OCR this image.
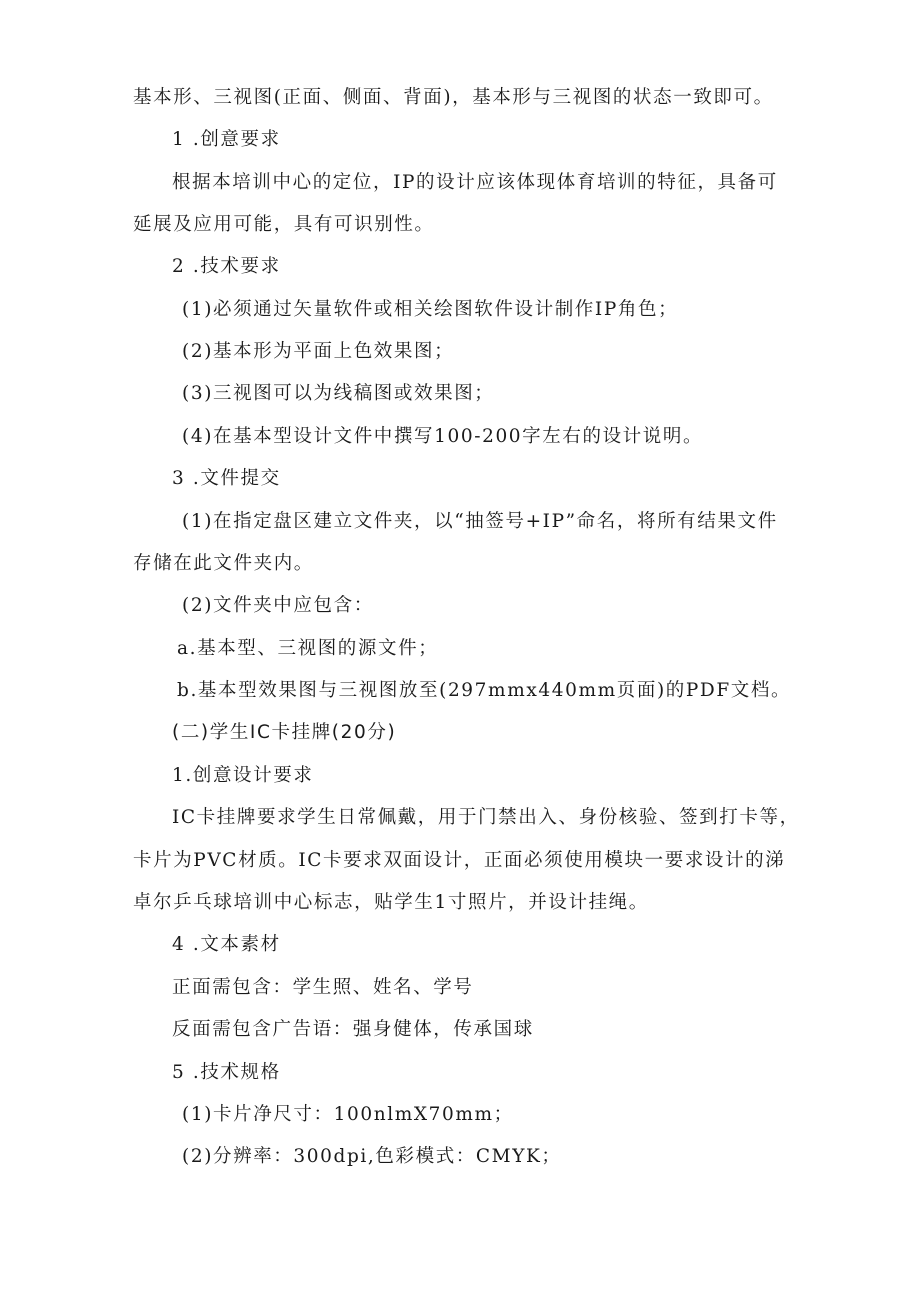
基本形、三视图(正面、侧面、背面)，基本形与三视图的状态一致即可。
1 .创意要求
根据本培训中心的定位，IP的设计应该体现体育培训的特征，具备可
延展及应用可能，具有可识别性。
2 .技术要求
(1)必须通过矢量软件或相关绘图软件设计制作IP角色；
(2)基本形为平面上色效果图；
(3)三视图可以为线稿图或效果图；
(4)在基本型设计文件中撰写100-200字左右的设计说明。
3 .文件提交
(1)在指定盘区建立文件夹，以“抽签号+IP”命名，将所有结果文件
存储在此文件夹内。
(2)文件夹中应包含：
a.基本型、三视图的源文件；
b.基本型效果图与三视图放至(297mmx440mm页面)的PDF文档。
(二)学生IC卡挂牌(20分)
1.创意设计要求
IC卡挂牌要求学生日常佩戴，用于门禁出入、身份核验、签到打卡等，
卡片为PVC材质。IC卡要求双面设计，正面必须使用模块一要求设计的涕
卓尔乒乓球培训中心标志，贴学生1寸照片，并设计挂绳。
4 .文本素材
正面需包含：学生照、姓名、学号
反面需包含广告语：强身健体，传承国球
5 .技术规格
(1)卡片净尺寸：100nlmX70mm；
(2)分辨率：300dpi,色彩模式：CMYK；
